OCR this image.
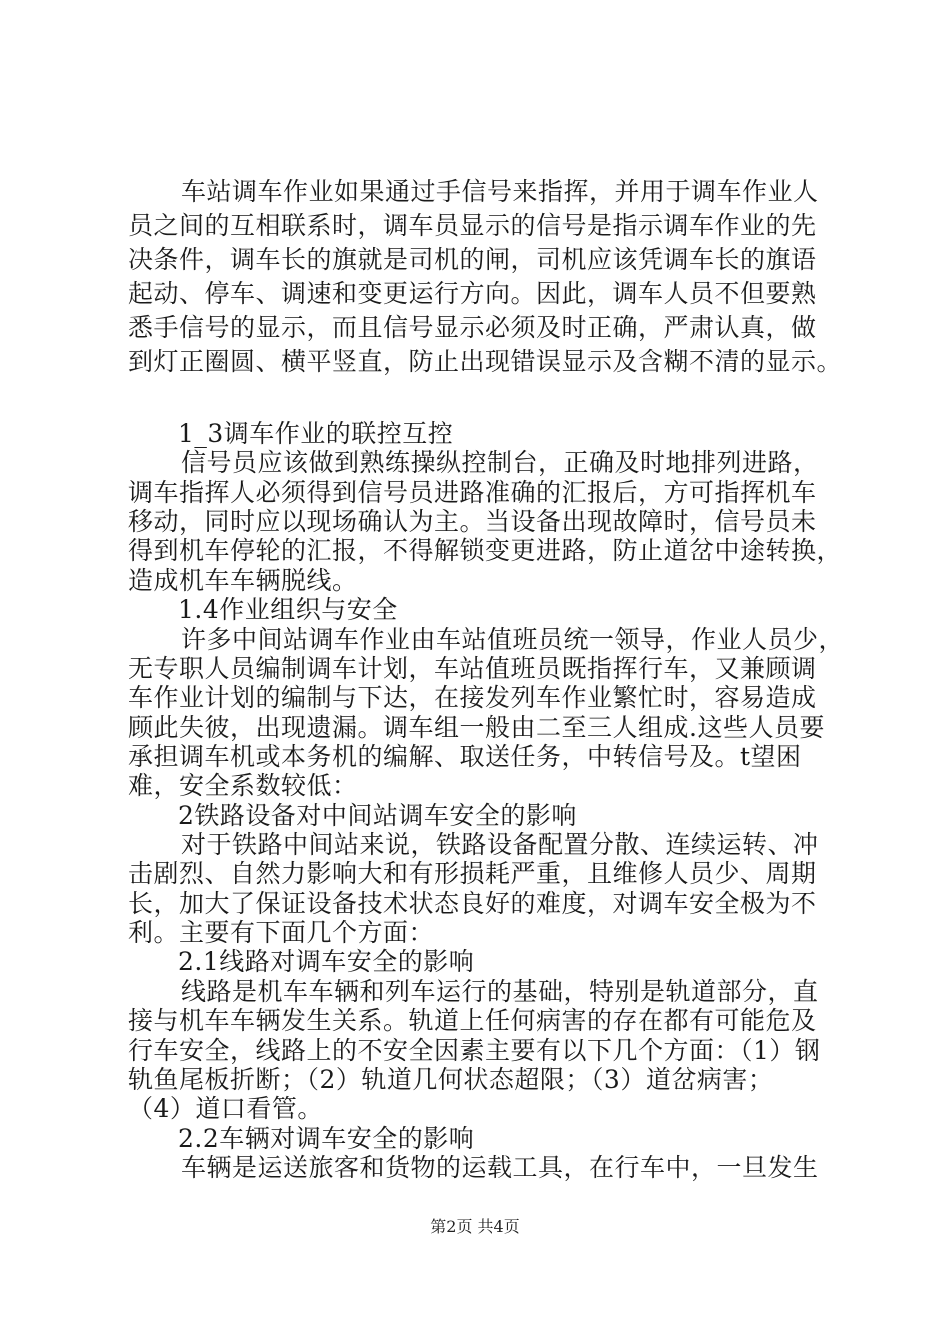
车站调车作业如果通过手信号来指挥，并用于调车作业人
员之间的互相联系时，调车员显示的信号是指示调车作业的先
决条件，调车长的旗就是司机的闸，司机应该凭调车长的旗语
起动、停车、调速和变更运行方向。因此，调车人员不但要熟
悉手信号的显示，而且信号显示必须及时正确，严肃认真，做
到灯正圈圆、横平竖直，防止出现错误显示及含糊不清的显示。
1_3调车作业的联控互控
信号员应该做到熟练操纵控制台，正确及时地排列进路，
调车指挥人必须得到信号员进路准确的汇报后，方可指挥机车
移动，同时应以现场确认为主。当设备出现故障时，信号员未
得到机车停轮的汇报，不得解锁变更进路，防止道岔中途转换，
造成机车车辆脱线。
1.4作业组织与安全
许多中间站调车作业由车站值班员统一领导，作业人员少，
无专职人员编制调车计划，车站值班员既指挥行车，又兼顾调
车作业计划的编制与下达，在接发列车作业繁忙时，容易造成
顾此失彼，出现遗漏。调车组一般由二至三人组成.这些人员要
承担调车机或本务机的编解、取送任务，中转信号及。t望困
难，安全系数较低：
2铁路设备对中间站调车安全的影响
对于铁路中间站来说，铁路设备配置分散、连续运转、冲
击剧烈、自然力影响大和有形损耗严重，且维修人员少、周期
长，加大了保证设备技术状态良好的难度，对调车安全极为不
利。主要有下面几个方面：
2.1线路对调车安全的影响
线路是机车车辆和列车运行的基础，特别是轨道部分，直
接与机车车辆发生关系。轨道上任何病害的存在都有可能危及
行车安全，线路上的不安全因素主要有以下几个方面：（1）钢
轨鱼尾板折断；（2）轨道几何状态超限；（3）道岔病害；
（4）道口看管。
2.2车辆对调车安全的影响
车辆是运送旅客和货物的运载工具，在行车中，一旦发生
第2页 共4页
